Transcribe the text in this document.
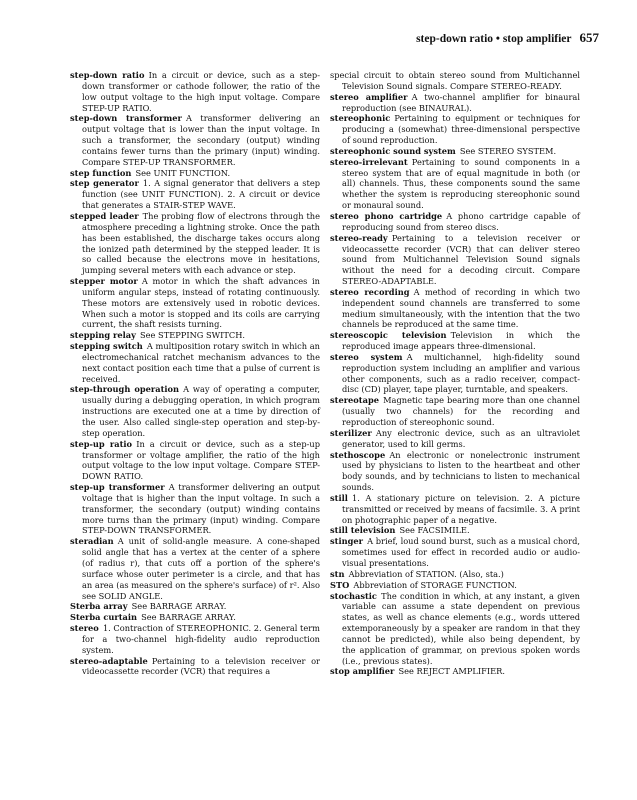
step-down ratio • stop amplifier 657
step-down ratio  In a circuit or device, such as a step-down transformer or cathode follower, the ratio of the low output voltage to the high input voltage. Compare STEP-UP RATIO.
step-down transformer  A transformer delivering an output voltage that is lower than the input voltage. In such a transformer, the secondary (output) winding contains fewer turns than the primary (input) winding. Compare STEP-UP TRANSFORMER.
step function  See UNIT FUNCTION.
step generator  1. A signal generator that delivers a step function (see UNIT FUNCTION). 2. A circuit or device that generates a STAIR-STEP WAVE.
stepped leader  The probing flow of electrons through the atmosphere preceding a lightning stroke. Once the path has been established, the discharge takes occurs along the ionized path determined by the stepped leader. It is so called because the electrons move in hesitations, jumping several meters with each advance or step.
stepper motor  A motor in which the shaft advances in uniform angular steps, instead of rotating continuously. These motors are extensively used in robotic devices. When such a motor is stopped and its coils are carrying current, the shaft resists turning.
stepping relay  See STEPPING SWITCH.
stepping switch  A multiposition rotary switch in which an electromechanical ratchet mechanism advances to the next contact position each time that a pulse of current is received.
step-through operation  A way of operating a computer, usually during a debugging operation, in which program instructions are executed one at a time by direction of the user. Also called single-step operation and step-by-step operation.
step-up ratio  In a circuit or device, such as a step-up transformer or voltage amplifier, the ratio of the high output voltage to the low input voltage. Compare STEP-DOWN RATIO.
step-up transformer  A transformer delivering an output voltage that is higher than the input voltage. In such a transformer, the secondary (output) winding contains more turns than the primary (input) winding. Compare STEP-DOWN TRANSFORMER.
steradian  A unit of solid-angle measure. A cone-shaped solid angle that has a vertex at the center of a sphere (of radius r), that cuts off a portion of the sphere's surface whose outer perimeter is a circle, and that has an area (as measured on the sphere's surface) of r². Also see SOLID ANGLE.
Sterba array  See BARRAGE ARRAY.
Sterba curtain  See BARRAGE ARRAY.
stereo  1. Contraction of STEREOPHONIC. 2. General term for a two-channel high-fidelity audio reproduction system.
stereo-adaptable  Pertaining to a television receiver or videocassette recorder (VCR) that requires a
special circuit to obtain stereo sound from Multichannel Television Sound signals. Compare STEREO-READY.
stereo amplifier  A two-channel amplifier for binaural reproduction (see BINAURAL).
stereophonic  Pertaining to equipment or techniques for producing a (somewhat) three-dimensional perspective of sound reproduction.
stereophonic sound system  See STEREO SYSTEM.
stereo-irrelevant  Pertaining to sound components in a stereo system that are of equal magnitude in both (or all) channels. Thus, these components sound the same whether the system is reproducing stereophonic sound or monaural sound.
stereo phono cartridge  A phono cartridge capable of reproducing sound from stereo discs.
stereo-ready  Pertaining to a television receiver or videocassette recorder (VCR) that can deliver stereo sound from Multichannel Television Sound signals without the need for a decoding circuit. Compare STEREO-ADAPTABLE.
stereo recording  A method of recording in which two independent sound channels are transferred to some medium simultaneously, with the intention that the two channels be reproduced at the same time.
stereoscopic television  Television in which the reproduced image appears three-dimensional.
stereo system  A multichannel, high-fidelity sound reproduction system including an amplifier and various other components, such as a radio receiver, compact-disc (CD) player, tape player, turntable, and speakers.
stereotape  Magnetic tape bearing more than one channel (usually two channels) for the recording and reproduction of stereophonic sound.
sterilizer  Any electronic device, such as an ultraviolet generator, used to kill germs.
stethoscope  An electronic or nonelectronic instrument used by physicians to listen to the heartbeat and other body sounds, and by technicians to listen to mechanical sounds.
still  1. A stationary picture on television. 2. A picture transmitted or received by means of facsimile. 3. A print on photographic paper of a negative.
still television  See FACSIMILE.
stinger  A brief, loud sound burst, such as a musical chord, sometimes used for effect in recorded audio or audio-visual presentations.
stn  Abbreviation of STATION. (Also, sta.)
STO  Abbreviation of STORAGE FUNCTION.
stochastic  The condition in which, at any instant, a given variable can assume a state dependent on previous states, as well as chance elements (e.g., words uttered extemporaneously by a speaker are random in that they cannot be predicted), while also being dependent, by the application of grammar, on previous spoken words (i.e., previous states).
stop amplifier  See REJECT AMPLIFIER.
